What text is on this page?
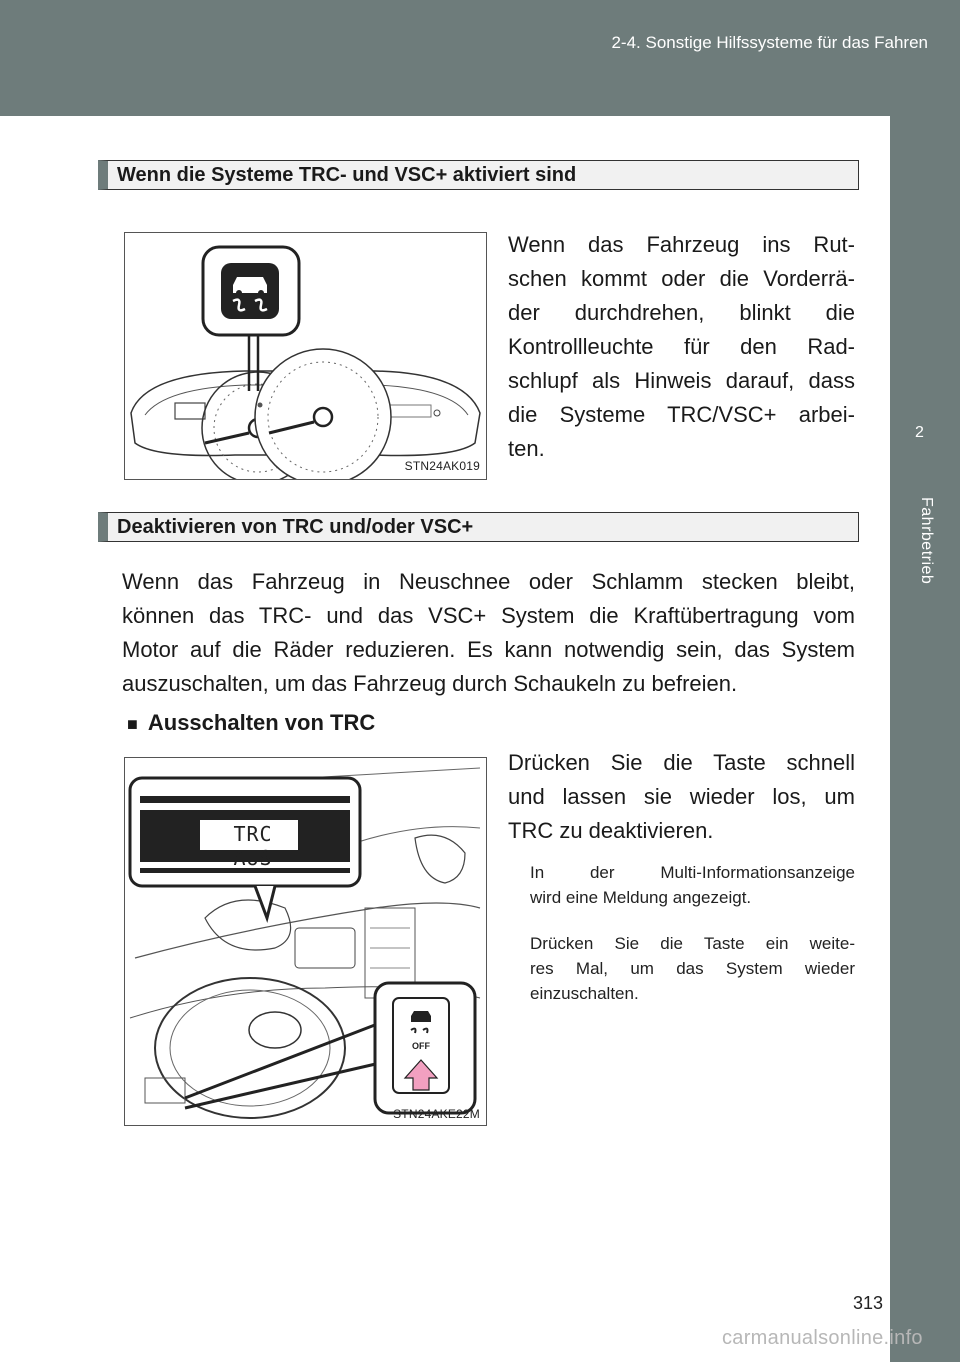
2-4. Sonstige Hilfssysteme für das Fahren
2
Fahrbetrieb
Wenn die Systeme TRC- und VSC+ aktiviert sind
STN24AK019
Wenn das Fahrzeug ins Rut-
schen kommt oder die Vorderrä-
der durchdrehen, blinkt die
Kontrollleuchte für den Rad-
schlupf als Hinweis darauf, dass
die Systeme TRC/VSC+ arbei-
ten.
Deaktivieren von TRC und/oder VSC+
Wenn das Fahrzeug in Neuschnee oder Schlamm stecken bleibt,
können das TRC- und das VSC+ System die Kraftübertragung vom
Motor auf die Räder reduzieren. Es kann notwendig sein, das System
auszuschalten, um das Fahrzeug durch Schaukeln zu befreien.
■ Ausschalten von TRC
TRC AUS
OFF
STN24AKE22M
Drücken Sie die Taste schnell
und lassen sie wieder los, um
TRC zu deaktivieren.
In der Multi-Informationsanzeige
wird eine Meldung angezeigt.
Drücken Sie die Taste ein weite-
res Mal, um das System wieder
einzuschalten.
313
carmanualsonline.info
